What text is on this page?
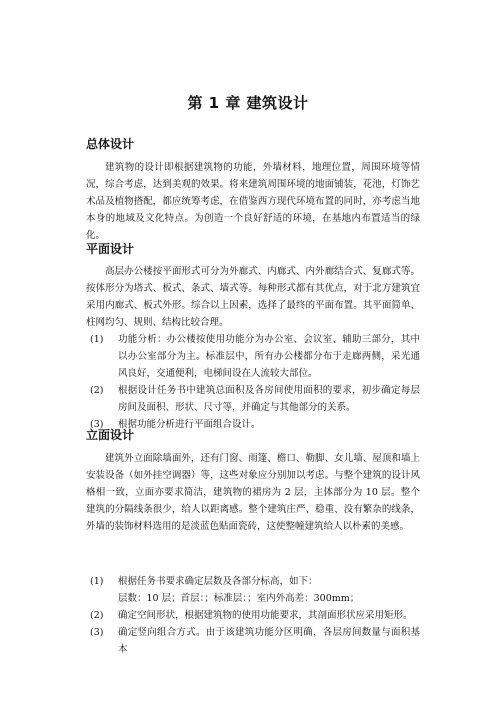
第 1 章 建筑设计
总体设计

建筑物的设计即根据建筑物的功能，外墙材料，地理位置，周围环境等情况，综合考虑，达到美观的效果。将来建筑周围环境的地面铺装，花池，灯饰艺术品及植物搭配，都应统筹考虑，在借鉴西方现代环境布置的同时，亦考虑当地本身的地域及文化特点。为创造一个良好舒适的环境，在基地内布置适当的绿化。

平面设计

高层办公楼按平面形式可分为外廊式、内廊式、内外廊结合式、复廊式等。按体形分为塔式、板式、条式、墙式等。每种形式都有其优点，对于北方建筑宜采用内廊式、板式外形。综合以上因素，选择了最终的平面布置。其平面简单、柱网均匀、规则、结构比较合理。

(1)	功能分析：办公楼按使用功能分为办公室、会议室、辅助三部分，其中以办公室部分为主。标准层中，所有办公楼都分布于走廊两侧，采光通风良好，交通便利，电梯间设在人流较大部位。
(2)	根据设计任务书中建筑总面积及各房间使用面积的要求，初步确定每层房间及面积、形状、尺寸等，并确定与其他部分的关系。
(3)	根据功能分析进行平面组合设计。
立面设计

建筑外立面除墙面外，还有门窗、雨篷、檐口、勒脚、女儿墙、屋顶和墙上安装设备（如外挂空调器）等，这些对象应分别加以考虑。与整个建筑的设计风格相一致，立面亦要求简洁，建筑物的裙房为 2 层，主体部分为 10 层。整个建筑的分隔线条很少，给人以距离感。整个建筑庄严、稳重、没有繁杂的线条，外墙的装饰材料选用的是淡蓝色贴面瓷砖，这使整幢建筑给人以朴素的美感。

(1)	根据任务书要求确定层数及各部分标高，如下：
层数：10 层；首层：；标准层：；室内外高差：300mm；
(2)	确定空间形状，根据建筑物的使用功能要求，其剖面形状应采用矩形。
(3)	确定竖向组合方式。由于该建筑功能分区明确，各层房间数量与面积基本
